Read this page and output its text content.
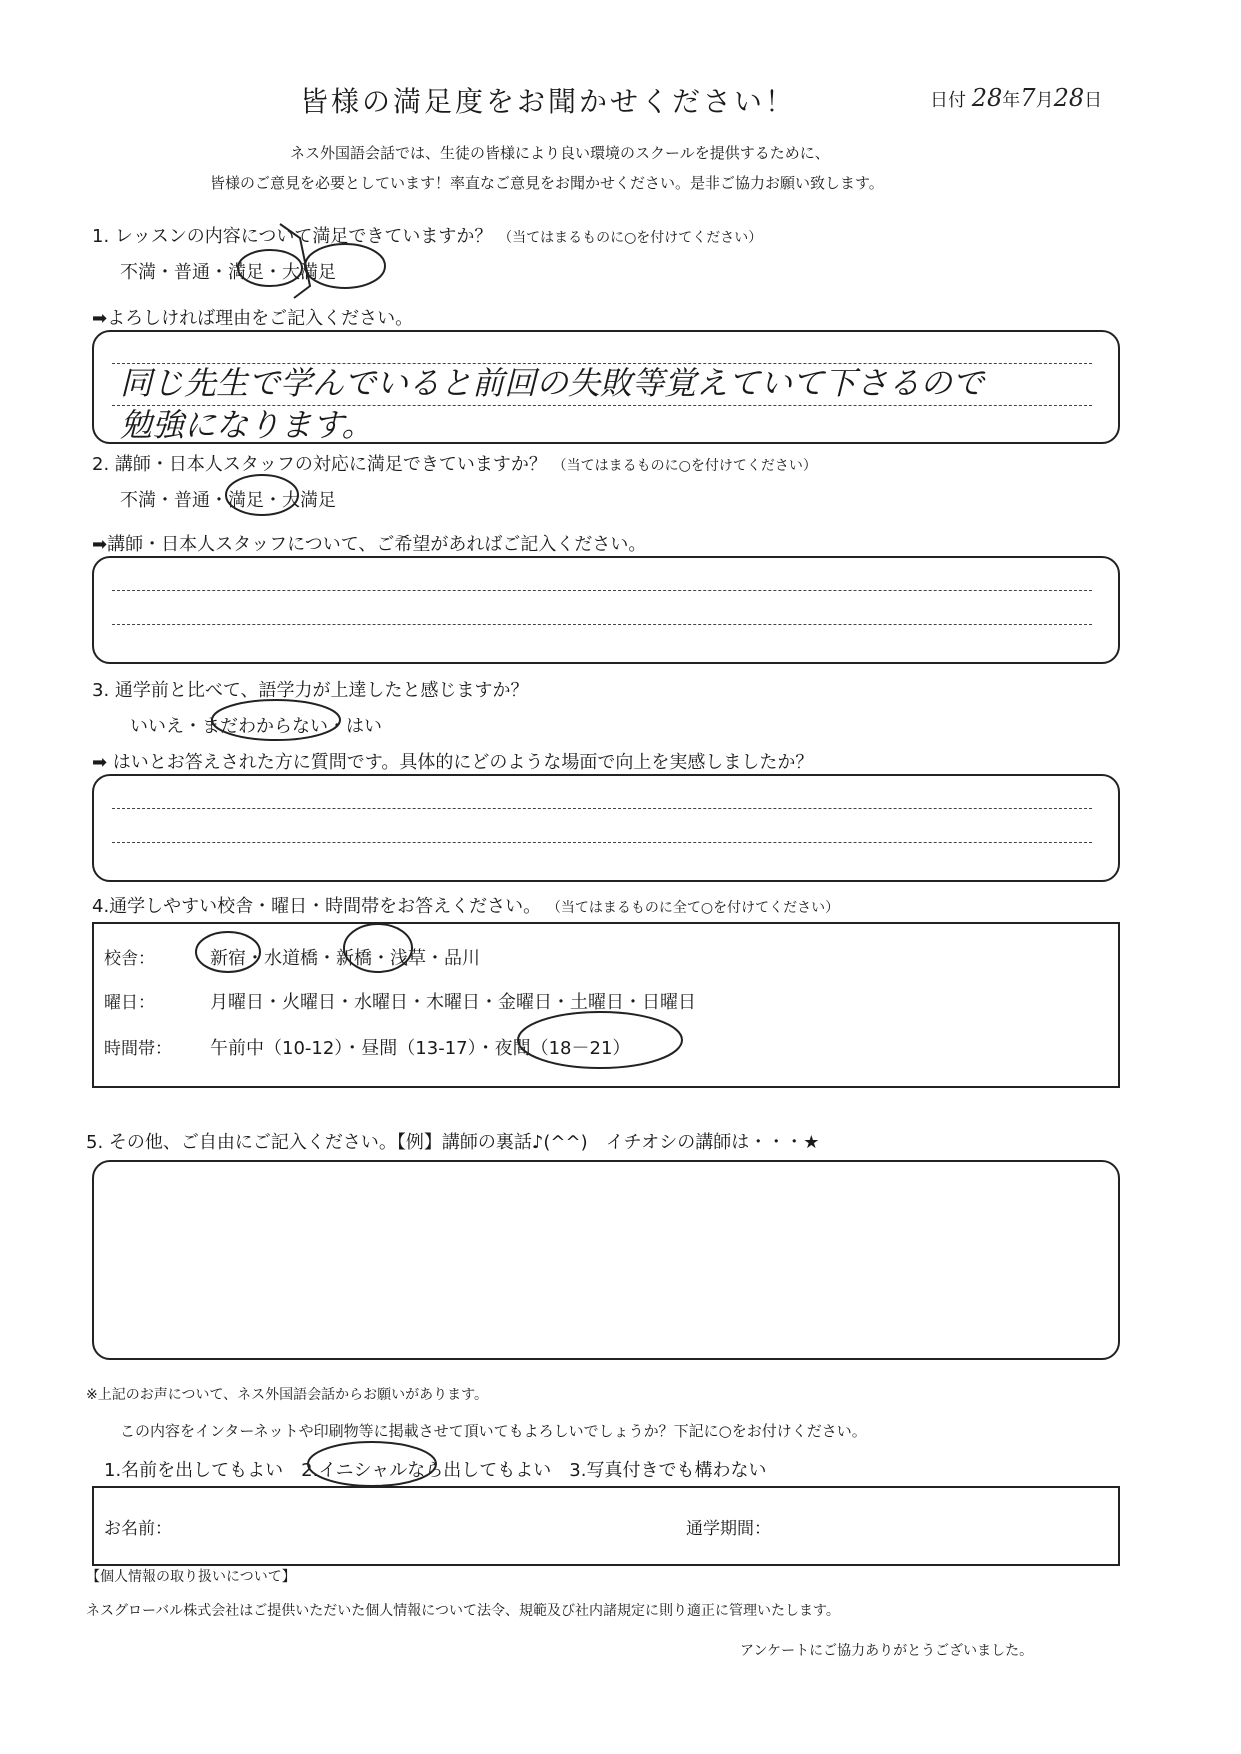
皆様の満足度をお聞かせください！	日付 28年7月28日
ネス外国語会話では、生徒の皆様により良い環境のスクールを提供するために、
皆様のご意見を必要としています！率直なご意見をお聞かせください。是非ご協力お願い致します。
1. レッスンの内容について満足できていますか？ （当てはまるものに○を付けてください）
不満・普通・満足・大満足
➡よろしければ理由をご記入ください。
同じ先生で学んでいると前回の失敗等覚えていて下さるので
勉強になります。
2. 講師・日本人スタッフの対応に満足できていますか？ （当てはまるものに○を付けてください）
不満・普通・満足・大満足
➡講師・日本人スタッフについて、ご希望があればご記入ください。
3. 通学前と比べて、語学力が上達したと感じますか？
いいえ・まだわからない・はい
➡ はいとお答えされた方に質問です。具体的にどのような場面で向上を実感しましたか？
4.通学しやすい校舎・曜日・時間帯をお答えください。 （当てはまるものに全て○を付けてください）
校舎：	新宿・水道橋・新橋・浅草・品川
曜日：	月曜日・火曜日・水曜日・木曜日・金曜日・土曜日・日曜日
時間帯： 午前中（10-12）・昼間（13-17）・夜間（18－21）
5. その他、ご自由にご記入ください。【例】講師の裏話♪(^^)　イチオシの講師は・・・★
※上記のお声について、ネス外国語会話からお願いがあります。
この内容をインターネットや印刷物等に掲載させて頂いてもよろしいでしょうか？下記に○をお付けください。
1.名前を出してもよい　2.イニシャルなら出してもよい　3.写真付きでも構わない
お名前：	通学期間：
【個人情報の取り扱いについて】
ネスグローバル株式会社はご提供いただいた個人情報について法令、規範及び社内諸規定に則り適正に管理いたします。
アンケートにご協力ありがとうございました。
